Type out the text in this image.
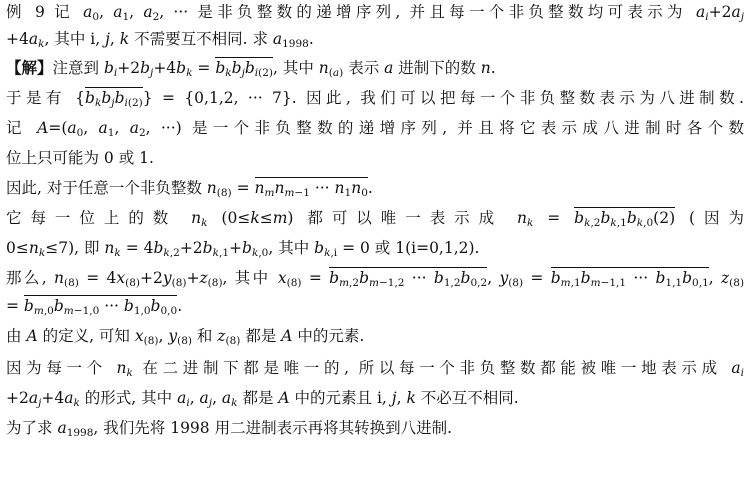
例 9 记 $a_0$, $a_1$, $a_2$, ··· 是非负整数的递增序列, 并且每一个非负整数均可表示为 $a_i+2a_j$
$+4a_k$, 其中 i, j, k 不需要互不相同. 求 $a_{1998}$.
【解】注意到 $b_i+2b_j+4b_k = b_kb_jb_{i(2)}$, 其中 $n_{(a)}$ 表示 a 进制下的数 n.
于是有 $\{b_kb_jb_{i(2)}\} = \{0,1,2$, ··· 7}. 因此, 我们可以把每一个非负整数表示为八进制数.
记 $A=(a_0$, $a_1$, $a_2$, ···) 是一个非负整数的递增序列, 并且将它表示成八进制时各个数
位上只可能为 0 或 1.
因此, 对于任意一个非负整数 $n_{(8)} = n_mn_{m-1}$ ··· $n_1n_0$.
它每一位上的数 $n_k$ (0≤k≤m) 都可以唯一表示成 $n_k = b_{k,2}b_{k,1}b_{k,0}(2)$ (因为
$0\le n_k\le 7$), 即 $n_k = 4b_{k,2}+2b_{k,1}+b_{k,0}$, 其中 $b_{k,i} = 0$ 或 1(i=0,1,2).
那么, $n_{(8)} = 4x_{(8)}+2y_{(8)}+z_{(8)}$, 其中 $x_{(8)} = b_{m,2}b_{m-1,2}$ ··· $b_{1,2}b_{0,2}$, $y_{(8)} = b_{m,1}b_{m-1,1}$ ··· $b_{1,1}b_{0,1}$, $z_{(8)}$
= $b_{m,0}b_{m-1,0}$ ··· $b_{1,0}b_{0,0}$.
由 A 的定义, 可知 $x_{(8)}$, $y_{(8)}$ 和 $z_{(8)}$ 都是 A 中的元素.
因为每一个 $n_k$ 在二进制下都是唯一的, 所以每一个非负整数都能被唯一地表示成 $a_i$
$+2a_j+4a_k$ 的形式, 其中 $a_i$, $a_j$, $a_k$ 都是 A 中的元素且 i, j, k 不必互不相同.
为了求 $a_{1998}$, 我们先将 1998 用二进制表示再将其转换到八进制.
